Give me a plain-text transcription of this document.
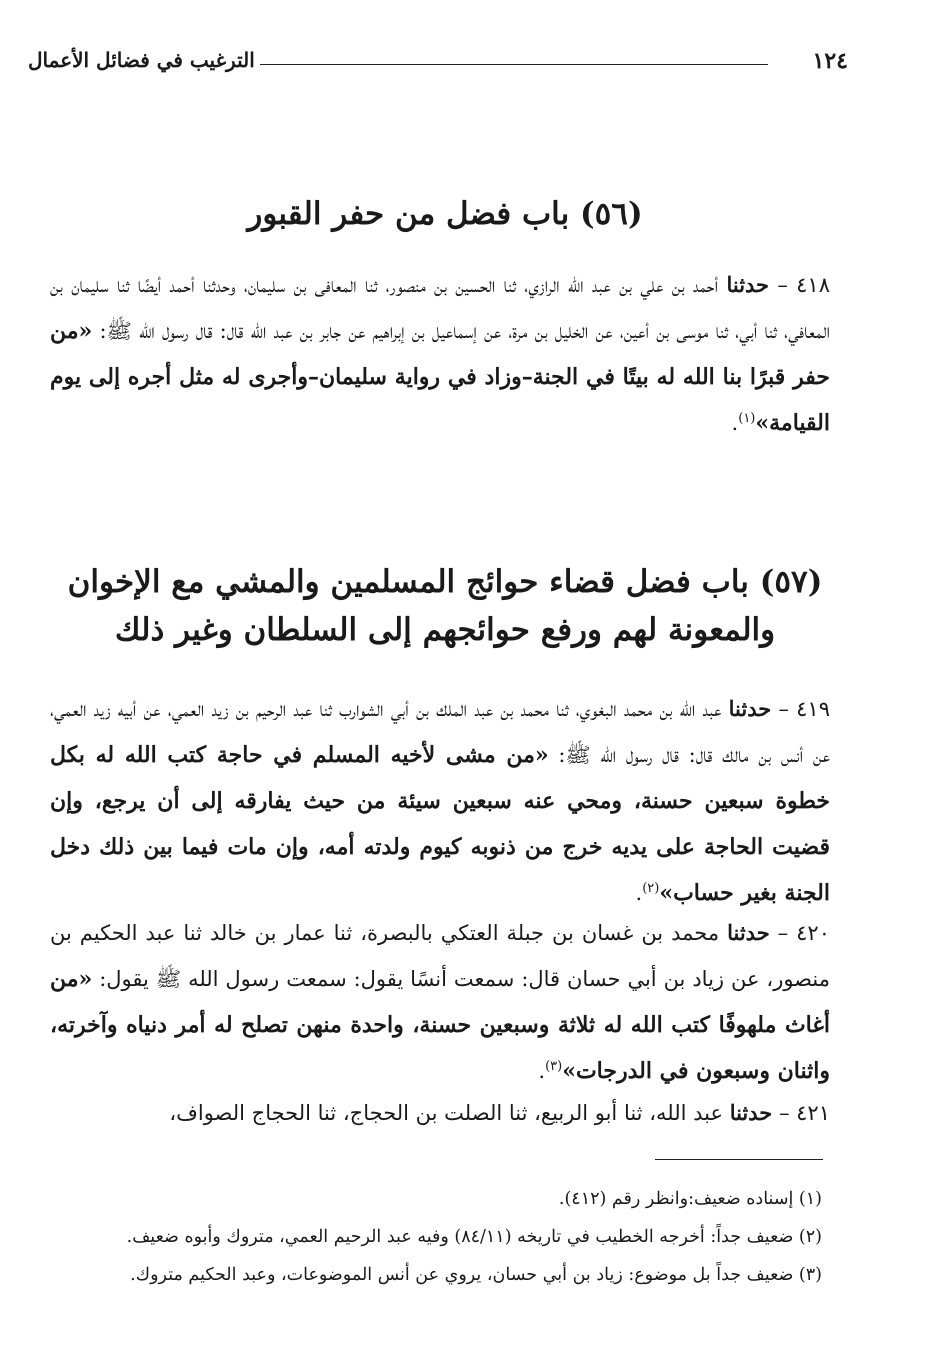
١٢٤
الترغيب في فضائل الأعمال
(٥٦) باب فضل من حفر القبور
٤١٨ – حدثنا أحمد بن علي بن عبد الله الرازي، ثنا الحسين بن منصور، ثنا المعافى بن سليمان، وحدثنا أحمد أيضًا ثنا سليمان بن المعافي، ثنا أبي، ثنا موسى بن أعين، عن الخليل بن مرة، عن إسماعيل بن إبراهيم عن جابر بن عبد الله قال: قال رسول الله ﷺ: «من حفر قبرًا بنا الله له بيتًا في الجنة–وزاد في رواية سليمان–وأجرى له مثل أجره إلى يوم القيامة»$^{(١)}$.
(٥٧) باب فضل قضاء حوائج المسلمين والمشي مع الإخوان
والمعونة لهم ورفع حوائجهم إلى السلطان وغير ذلك
٤١٩ – حدثنا عبد الله بن محمد البغوي، ثنا محمد بن عبد الملك بن أبي الشوارب ثنا عبد الرحيم بن زيد العمي، عن أبيه زيد العمي، عن أنس بن مالك قال: قال رسول الله ﷺ: «من مشى لأخيه المسلم في حاجة كتب الله له بكل خطوة سبعين حسنة، ومحي عنه سبعين سيئة من حيث يفارقه إلى أن يرجع، وإن قضيت الحاجة على يديه خرج من ذنوبه كيوم ولدته أمه، وإن مات فيما بين ذلك دخل الجنة بغير حساب»$^{(٢)}$.
٤٢٠ – حدثنا محمد بن غسان بن جبلة العتكي بالبصرة، ثنا عمار بن خالد ثنا عبد الحكيم بن منصور، عن زياد بن أبي حسان قال: سمعت أنسًا يقول: سمعت رسول الله ﷺ يقول: «من أغاث ملهوفًا كتب الله له ثلاثة وسبعين حسنة، واحدة منهن تصلح له أمر دنياه وآخرته، واثنان وسبعون في الدرجات»$^{(٣)}$.
٤٢١ – حدثنا عبد الله، ثنا أبو الربيع، ثنا الصلت بن الحجاج، ثنا الحجاج الصواف،
(١) إسناده ضعيف:وانظر رقم (٤١٢).
(٢) ضعيف جداً: أخرجه الخطيب في تاريخه (٨٤/١١) وفيه عبد الرحيم العمي، متروك وأبوه ضعيف.
(٣) ضعيف جداً بل موضوع: زياد بن أبي حسان، يروي عن أنس الموضوعات، وعبد الحكيم متروك.
